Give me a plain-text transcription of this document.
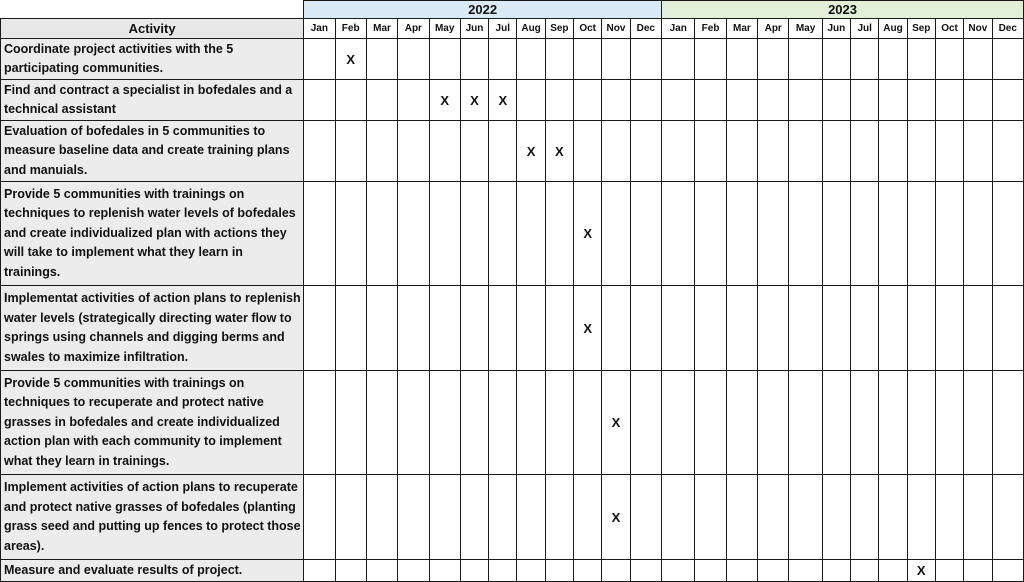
	2022												2023											
Activity	Jan	Feb	Mar	Apr	May	Jun	Jul	Aug	Sep	Oct	Nov	Dec	Jan	Feb	Mar	Apr	May	Jun	Jul	Aug	Sep	Oct	Nov	Dec
Coordinate project activities with the 5 participating communities.		X																						
Find and contract a specialist in bofedales and a technical assistant					X	X	X																	
Evaluation of bofedales in 5 communities to measure baseline data and create training plans and manuials.								X	X															
Provide 5 communities with trainings on techniques to replenish water levels of bofedales and create individualized plan with actions they will take to implement what they learn in trainings.										X														
Implementat activities of action plans to replenish water levels (strategically directing water flow to springs using channels and digging berms and swales to maximize infiltration.										X														
Provide 5 communities with trainings on techniques to recuperate and protect native grasses in bofedales and create individualized action plan with each community to implement what they learn in trainings.											X													
Implement activities of action plans to recuperate and protect native grasses of bofedales (planting grass seed and putting up fences to protect those areas).											X													
Measure and evaluate results of project.																					X			
